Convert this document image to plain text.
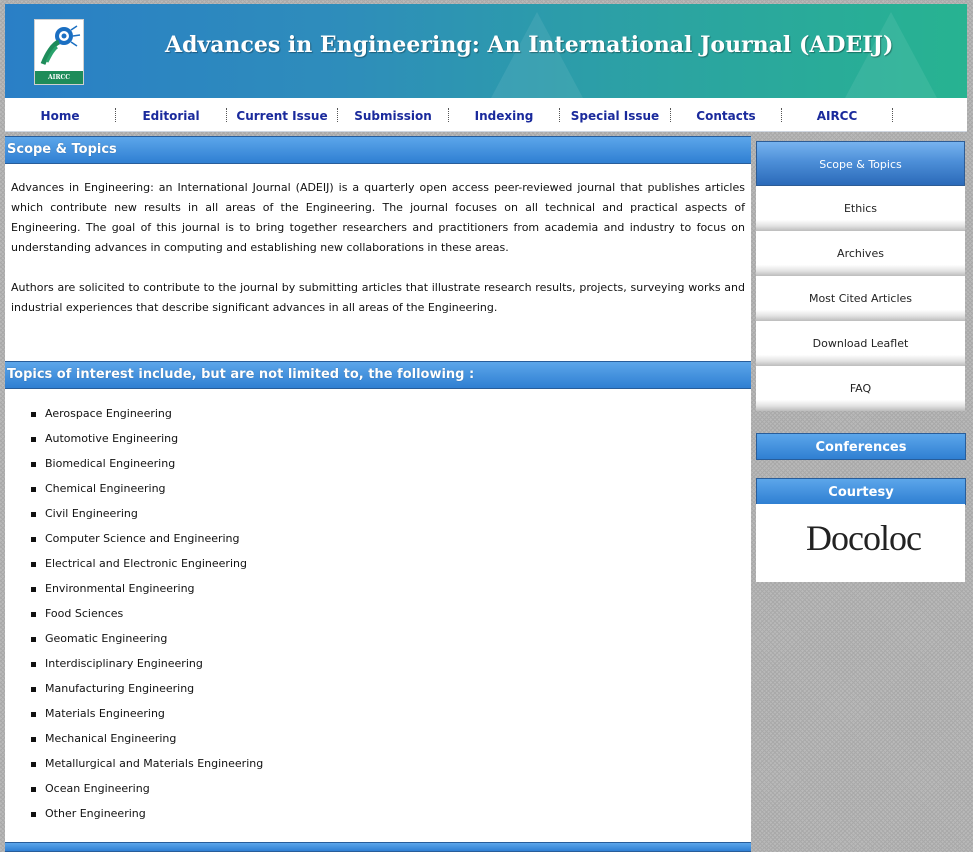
AIRCC
Advances in Engineering: An International Journal (ADEIJ)
Home	Editorial	Current Issue	Submission	Indexing	Special Issue	Contacts	AIRCC
Scope & Topics
Advances in Engineering: an International Journal (ADEIJ) is a quarterly open access peer-reviewed journal that publishes articles which contribute new results in all areas of the Engineering. The journal focuses on all technical and practical aspects of Engineering. The goal of this journal is to bring together researchers and practitioners from academia and industry to focus on understanding advances in computing and establishing new collaborations in these areas.
Authors are solicited to contribute to the journal by submitting articles that illustrate research results, projects, surveying works and industrial experiences that describe significant advances in all areas of the Engineering.
Topics of interest include, but are not limited to, the following :
Aerospace Engineering
Automotive Engineering
Biomedical Engineering
Chemical Engineering
Civil Engineering
Computer Science and Engineering
Electrical and Electronic Engineering
Environmental Engineering
Food Sciences
Geomatic Engineering
Interdisciplinary Engineering
Manufacturing Engineering
Materials Engineering
Mechanical Engineering
Metallurgical and Materials Engineering
Ocean Engineering
Other Engineering
Scope & Topics
Ethics
Archives
Most Cited Articles
Download Leaflet
FAQ
Conferences
Courtesy
Docoloc
